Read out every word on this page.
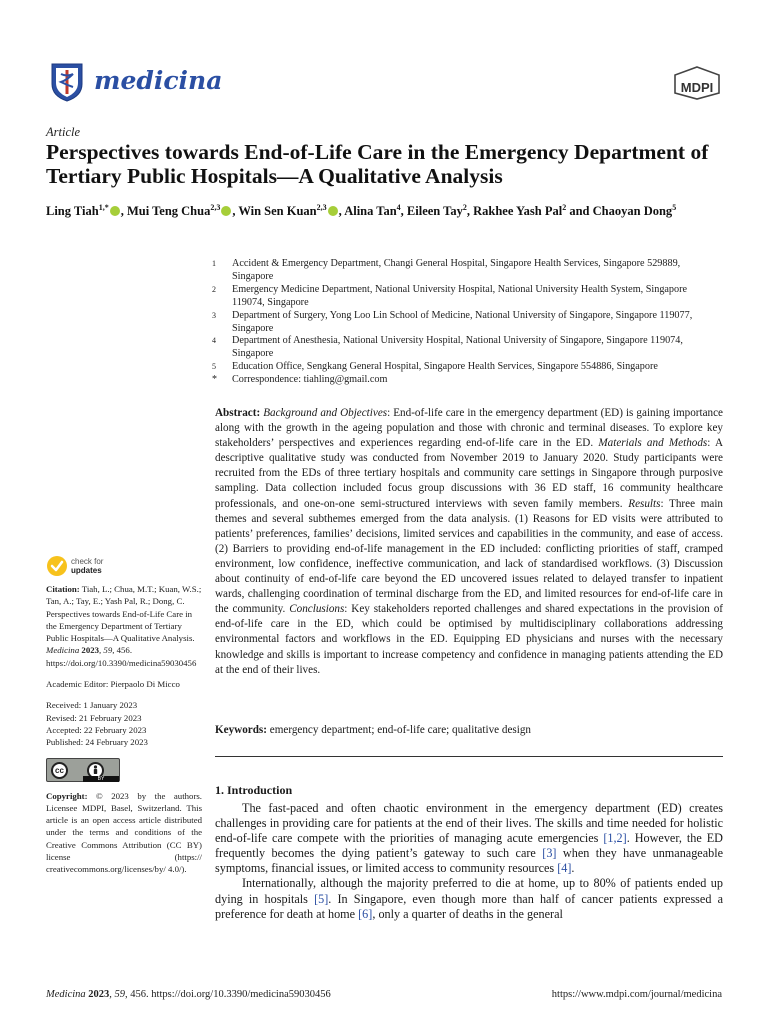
medicina	MDPI
Article
Perspectives towards End-of-Life Care in the Emergency Department of Tertiary Public Hospitals—A Qualitative Analysis
Ling Tiah$^{1,*}$ , Mui Teng Chua$^{2,3}$ , Win Sen Kuan$^{2,3}$ , Alina Tan$^4$, Eileen Tay$^2$, Rakhee Yash Pal$^2$ and Chaoyan Dong$^5$
1	Accident & Emergency Department, Changi General Hospital, Singapore Health Services, Singapore 529889, Singapore
2	Emergency Medicine Department, National University Hospital, National University Health System, Singapore 119074, Singapore
3	Department of Surgery, Yong Loo Lin School of Medicine, National University of Singapore, Singapore 119077, Singapore
4	Department of Anesthesia, National University Hospital, National University of Singapore, Singapore 119074, Singapore
5	Education Office, Sengkang General Hospital, Singapore Health Services, Singapore 554886, Singapore
*	Correspondence: tiahling@gmail.com
Abstract: Background and Objectives: End-of-life care in the emergency department (ED) is gaining importance along with the growth in the ageing population and those with chronic and terminal diseases. To explore key stakeholders’ perspectives and experiences regarding end-of-life care in the ED. Materials and Methods: A descriptive qualitative study was conducted from November 2019 to January 2020. Study participants were recruited from the EDs of three tertiary hospitals and community care settings in Singapore through purposive sampling. Data collection included focus group discussions with 36 ED staff, 16 community healthcare professionals, and one-on-one semi-structured interviews with seven family members. Results: Three main themes and several subthemes emerged from the data analysis. (1) Reasons for ED visits were attributed to patients’ preferences, families’ decisions, limited services and capabilities in the community, and ease of access. (2) Barriers to providing end-of-life management in the ED included: conflicting priorities of staff, cramped environment, low confidence, ineffective communication, and lack of standardised workflows. (3) Discussion about continuity of end-of-life care beyond the ED uncovered issues related to delayed transfer to inpatient wards, challenging coordination of terminal discharge from the ED, and limited resources for end-of-life care in the community. Conclusions: Key stakeholders reported challenges and shared expectations in the provision of end-of-life care in the ED, which could be optimised by multidisciplinary collaborations addressing environmental factors and workflows in the ED. Equipping ED physicians and nurses with the necessary knowledge and skills is important to increase competency and confidence in managing patients attending the ED at the end of their lives.
Keywords: emergency department; end-of-life care; qualitative design
1. Introduction

The fast-paced and often chaotic environment in the emergency department (ED) creates challenges in providing care for patients at the end of their lives. The skills and time needed for holistic end-of-life care compete with the priorities of managing acute emergencies [1,2]. However, the ED frequently becomes the dying patient’s gateway to such care [3] when they have unmanageable symptoms, financial issues, or limited access to community resources [4].

Internationally, although the majority preferred to die at home, up to 80% of patients ended up dying in hospitals [5]. In Singapore, even though more than half of cancer patients expressed a preference for death at home [6], only a quarter of deaths in the general

check for
updates
Citation: Tiah, L.; Chua, M.T.; Kuan, W.S.; Tan, A.; Tay, E.; Yash Pal, R.; Dong, C. Perspectives towards End-of-Life Care in the Emergency Department of Tertiary Public Hospitals—A Qualitative Analysis. Medicina 2023, 59, 456. https://doi.org/10.3390/medicina59030456
Academic Editor: Pierpaolo Di Micco
Received: 1 January 2023
Revised: 21 February 2023
Accepted: 22 February 2023
Published: 24 February 2023
cc
BY
Copyright: © 2023 by the authors. Licensee MDPI, Basel, Switzerland. This article is an open access article distributed under the terms and conditions of the Creative Commons Attribution (CC BY) license (https:// creativecommons.org/licenses/by/ 4.0/).
Medicina 2023, 59, 456. https://doi.org/10.3390/medicina59030456	https://www.mdpi.com/journal/medicina
